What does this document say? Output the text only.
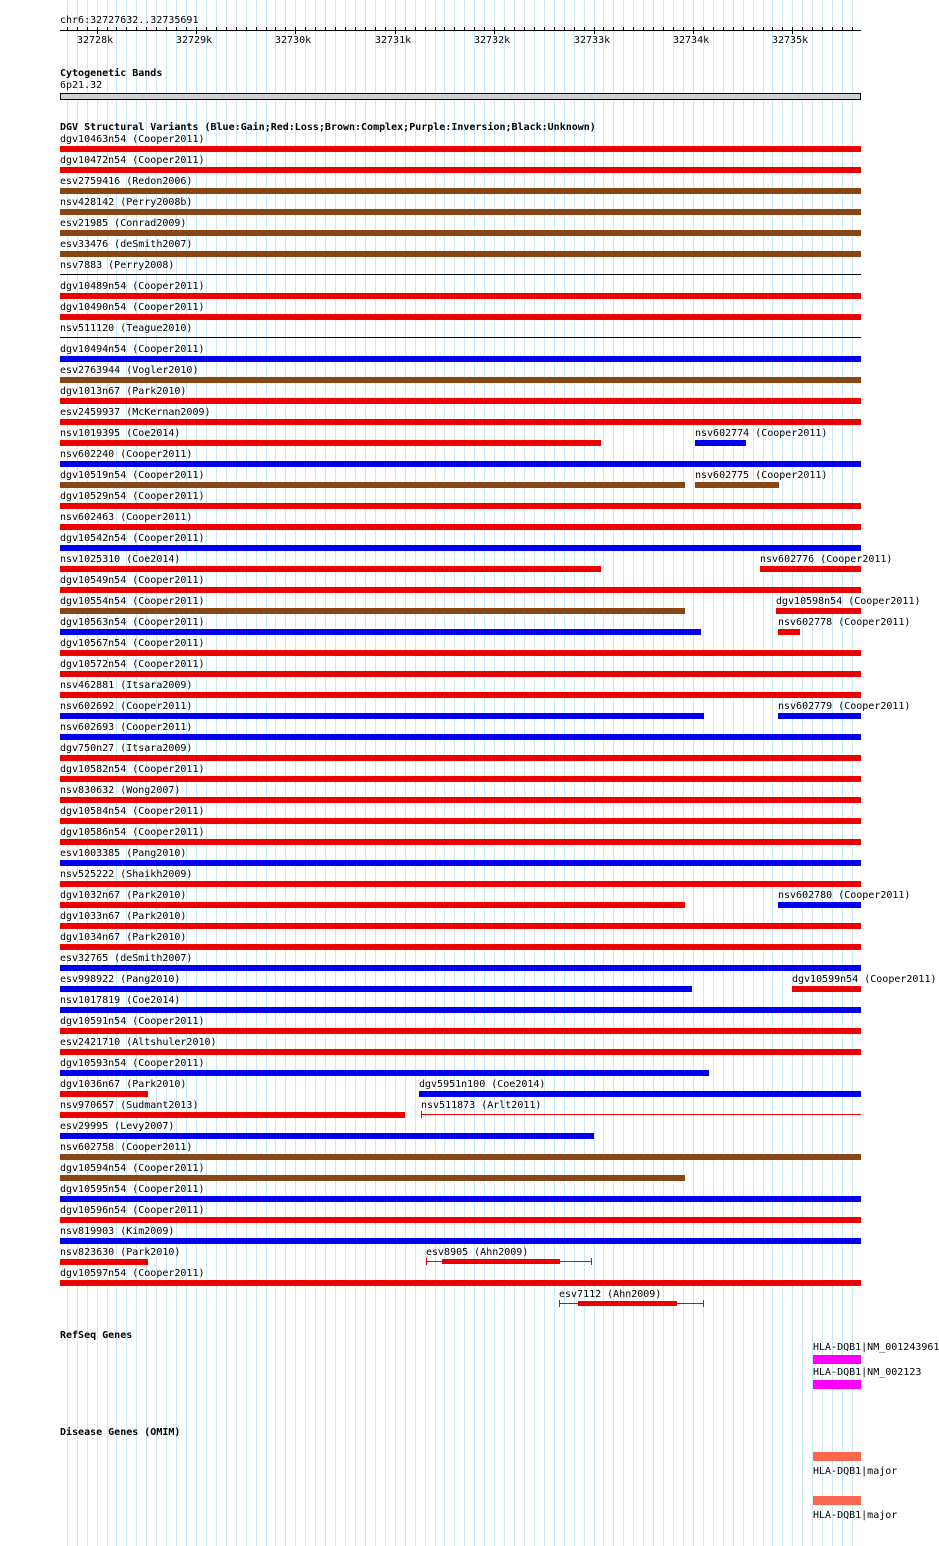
chr6:32727632..32735691
32728k	32729k	32730k	32731k	32732k	32733k	32734k	32735k
Cytogenetic Bands
6p21.32
DGV Structural Variants (Blue:Gain;Red:Loss;Brown:Complex;Purple:Inversion;Black:Unknown)
dgv10463n54 (Cooper2011)
dgv10472n54 (Cooper2011)
esv2759416 (Redon2006)
nsv428142 (Perry2008b)
esv21985 (Conrad2009)
esv33476 (deSmith2007)
nsv7883 (Perry2008)
dgv10489n54 (Cooper2011)
dgv10490n54 (Cooper2011)
nsv511120 (Teague2010)
dgv10494n54 (Cooper2011)
esv2763944 (Vogler2010)
dgv1013n67 (Park2010)
esv2459937 (McKernan2009)
nsv1019395 (Coe2014)	nsv602774 (Cooper2011)
nsv602240 (Cooper2011)
dgv10519n54 (Cooper2011)	nsv602775 (Cooper2011)
dgv10529n54 (Cooper2011)
nsv602463 (Cooper2011)
dgv10542n54 (Cooper2011)
nsv1025310 (Coe2014)	nsv602776 (Cooper2011)
dgv10549n54 (Cooper2011)
dgv10554n54 (Cooper2011)	dgv10598n54 (Cooper2011)
dgv10563n54 (Cooper2011)	nsv602778 (Cooper2011)
dgv10567n54 (Cooper2011)
dgv10572n54 (Cooper2011)
nsv462881 (Itsara2009)
nsv602692 (Cooper2011)	nsv602779 (Cooper2011)
nsv602693 (Cooper2011)
dgv750n27 (Itsara2009)
dgv10582n54 (Cooper2011)
nsv830632 (Wong2007)
dgv10584n54 (Cooper2011)
dgv10586n54 (Cooper2011)
esv1003385 (Pang2010)
nsv525222 (Shaikh2009)
dgv1032n67 (Park2010)	nsv602780 (Cooper2011)
dgv1033n67 (Park2010)
dgv1034n67 (Park2010)
esv32765 (deSmith2007)
esv998922 (Pang2010)	dgv10599n54 (Cooper2011)
nsv1017819 (Coe2014)
dgv10591n54 (Cooper2011)
esv2421710 (Altshuler2010)
dgv10593n54 (Cooper2011)
dgv1036n67 (Park2010)	dgv5951n100 (Coe2014)
nsv970657 (Sudmant2013)	nsv511873 (Arlt2011)
esv29995 (Levy2007)
nsv602758 (Cooper2011)
dgv10594n54 (Cooper2011)
dgv10595n54 (Cooper2011)
dgv10596n54 (Cooper2011)
nsv819903 (Kim2009)
nsv823630 (Park2010)	esv8905 (Ahn2009)
dgv10597n54 (Cooper2011)
esv7112 (Ahn2009)
RefSeq Genes
HLA-DQB1|NM_001243961
HLA-DQB1|NM_002123
Disease Genes (OMIM)
HLA-DQB1|major
HLA-DQB1|major
